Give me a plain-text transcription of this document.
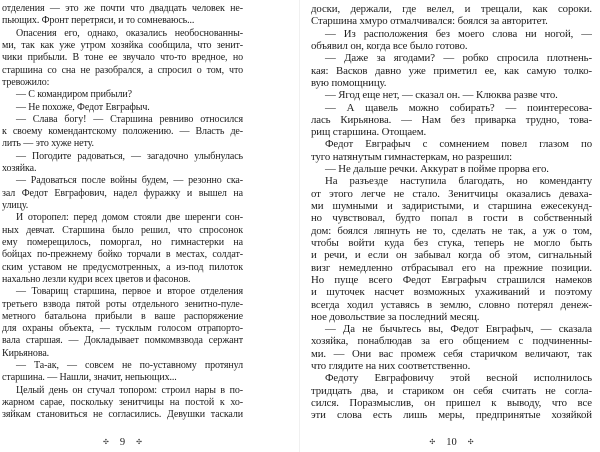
отделения — это же почти что двадцать человек не-
пьющих. Фронт перетряси, и то сомневаюсь...
Опасения его, однако, оказались необоснованны-
ми, так как уже утром хозяйка сообщила, что зенит-
чики прибыли. В тоне ее звучало что-то вредное, но
старшина со сна не разобрался, а спросил о том, что
тревожило:
— С командиром прибыли?
— Не похоже, Федот Евграфыч.
— Слава богу! — Старшина ревниво относился
к своему комендантскому положению. — Власть де-
лить — это хуже нету.
— Погодите радоваться, — загадочно улыбнулась
хозяйка.
— Радоваться после войны будем, — резонно ска-
зал Федот Евграфович, надел фуражку и вышел на
улицу.
И оторопел: перед домом стояли две шеренги сон-
ных девчат. Старшина было решил, что спросонок
ему померещилось, поморгал, но гимнастерки на
бойцах по-прежнему бойко торчали в местах, солдат-
ским уставом не предусмотренных, а из-под пилоток
нахально лезли кудри всех цветов и фасонов.
— Товарищ старшина, первое и второе отделения
третьего взвода пятой роты отдельного зенитно-пуле-
метного батальона прибыли в ваше распоряжение
для охраны объекта, — тусклым голосом отрапорто-
вала старшая. — Докладывает помкомвзвода сержант
Кирьянова.
— Та-ак, — совсем не по-уставному протянул
старшина. — Нашли, значит, непьющих...
Целый день он стучал топором: строил нары в по-
жарном сарае, поскольку зенитчицы на постой к хо-
зяйкам становиться не согласились. Девушки таскали
✣ 9 ✣
доски, держали, где велел, и трещали, как сороки.
Старшина хмуро отмалчивался: боялся за авторитет.
— Из расположения без моего слова ни ногой, —
объявил он, когда все было готово.
— Даже за ягодами? — робко спросила плотнень-
кая: Васков давно уже приметил ее, как самую толко-
вую помощницу.
— Ягод еще нет, — сказал он. — Клюква разве что.
— А щавель можно собирать? — поинтересова-
лась Кирьянова. — Нам без приварка трудно, това-
рищ старшина. Отощаем.
Федот Евграфыч с сомнением повел глазом по
туго натянутым гимнастеркам, но разрешил:
— Не дальше речки. Аккурат в пойме прорва его.
На разъезде наступила благодать, но коменданту
от этого легче не стало. Зенитчицы оказались деваха-
ми шумными и задиристыми, и старшина ежесекунд-
но чувствовал, будто попал в гости в собственный
дом: боялся ляпнуть не то, сделать не так, а уж о том,
чтобы войти куда без стука, теперь не могло быть
и речи, и если он забывал когда об этом, сигнальный
визг немедленно отбрасывал его на прежние позиции.
Но пуще всего Федот Евграфыч страшился намеков
и шуточек насчет возможных ухаживаний и поэтому
всегда ходил уставясь в землю, словно потерял денеж-
ное довольствие за последний месяц.
— Да не бычьтесь вы, Федот Евграфыч, — сказала
хозяйка, понаблюдав за его общением с подчиненны-
ми. — Они вас промеж себя старичком величают, так
что глядите на них соответственно.
Федоту Евграфовичу этой весной исполнилось
тридцать два, и стариком он себя считать не согла-
сился. Поразмыслив, он пришел к выводу, что все
эти слова есть лишь меры, предпринятые хозяйкой
✣ 10 ✣
